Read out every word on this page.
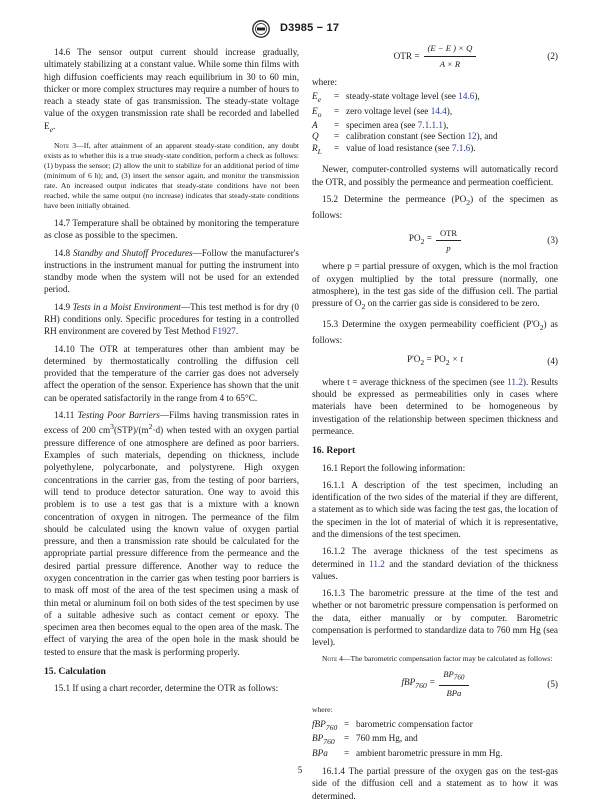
D3985 − 17

14.6 The sensor output current should increase gradually, ultimately stabilizing at a constant value. While some thin films with high diffusion coefficients may reach equilibrium in 30 to 60 min, thicker or more complex structures may require a number of hours to reach a steady state of gas transmission. The steady-state voltage value of the oxygen transmission rate shall be recorded and labelled $E_e$.

Note 3—If, after attainment of an apparent steady-state condition, any doubt exists as to whether this is a true steady-state condition, perform a check as follows: (1) bypass the sensor; (2) allow the unit to stabilize for an additional period of time (minimum of 6 h); and, (3) insert the sensor again, and monitor the transmission rate. An increased output indicates that steady-state conditions have not been reached, while the same output (no increase) indicates that steady-state conditions have been initially obtained.

14.7 Temperature shall be obtained by monitoring the temperature as close as possible to the specimen.

14.8 Standby and Shutoff Procedures—Follow the manufacturer's instructions in the instrument manual for putting the instrument into standby mode when the system will not be used for an extended period.

14.9 Tests in a Moist Environment—This test method is for dry (0 RH) conditions only. Specific procedures for testing in a controlled RH environment are covered by Test Method F1927.

14.10 The OTR at temperatures other than ambient may be determined by thermostatically controlling the diffusion cell provided that the temperature of the carrier gas does not adversely affect the operation of the sensor. Experience has shown that the unit can be operated satisfactorily in the range from 4 to 65°C.

14.11 Testing Poor Barriers—Films having transmission rates in excess of 200 $cm^3(STP)/(m^2\cdot d)$ when tested with an oxygen partial pressure difference of one atmosphere are defined as poor barriers. Examples of such materials, depending on thickness, include polyethylene, polycarbonate, and polystyrene. High oxygen concentrations in the carrier gas, from the testing of poor barriers, will tend to produce detector saturation. One way to avoid this problem is to use a test gas that is a mixture with a known concentration of oxygen in nitrogen. The permeance of the film should be calculated using the known value of oxygen partial pressure, and then a transmission rate should be calculated for the appropriate partial pressure difference from the permeance and the desired partial pressure difference. Another way to reduce the oxygen concentration in the carrier gas when testing poor barriers is to mask off most of the area of the test specimen using a mask of thin metal or aluminum foil on both sides of the test specimen by use of a suitable adhesive such as contact cement or epoxy. The specimen area then becomes equal to the open area of the mask. The effect of varying the area of the open hole in the mask should be tested to ensure that the mask is performing properly.

15. Calculation

15.1 If using a chart recorder, determine the OTR as follows:

OTR = $\frac{(E - E ) \times Q}{A \times R}$	(2)
where:
$E_e$	= steady-state voltage level (see 14.6),
$E_o$	= zero voltage level (see 14.4),
A	= specimen area (see 7.1.1.1),
Q	= calibration constant (see Section 12), and
$R_L$	= value of load resistance (see 7.1.6).

Newer, computer-controlled systems will automatically record the OTR, and possibly the permeance and permeation coefficient.

15.2 Determine the permeance $(PO_2)$ of the specimen as follows:

$PO_2 = \frac{\text{OTR}}{p}$	(3)

where p = partial pressure of oxygen, which is the mol fraction of oxygen multiplied by the total pressure (normally, one atmosphere), in the test gas side of the diffusion cell. The partial pressure of $O_2$ on the carrier gas side is considered to be zero.

15.3 Determine the oxygen permeability coefficient $(P'O_2)$ as follows:

$P'O_2 = PO_2 \times t$	(4)

where t = average thickness of the specimen (see 11.2). Results should be expressed as permeabilities only in cases where materials have been determined to be homogeneous by investigation of the relationship between specimen thickness and permeance.

16. Report

16.1 Report the following information:

16.1.1 A description of the test specimen, including an identification of the two sides of the material if they are different, a statement as to which side was facing the test gas, the location of the specimen in the lot of material of which it is representative, and the dimensions of the test specimen.

16.1.2 The average thickness of the test specimens as determined in 11.2 and the standard deviation of the thickness values.

16.1.3 The barometric pressure at the time of the test and whether or not barometric pressure compensation is performed on the data, either manually or by computer. Barometric compensation is performed to standardize data to 760 mm Hg (sea level).

Note 4—The barometric compensation factor may be calculated as follows:
$fBP_{760} = \frac{BP_{760}}{\text{BPa}}$	(5)
where:
fBP$_{760}$ = barometric compensation factor
$BP_{760}$	= 760 mm Hg, and
BPa	= ambient barometric pressure in mm Hg.

16.1.4 The partial pressure of the oxygen gas on the test-gas side of the diffusion cell and a statement as to how it was determined.

5
